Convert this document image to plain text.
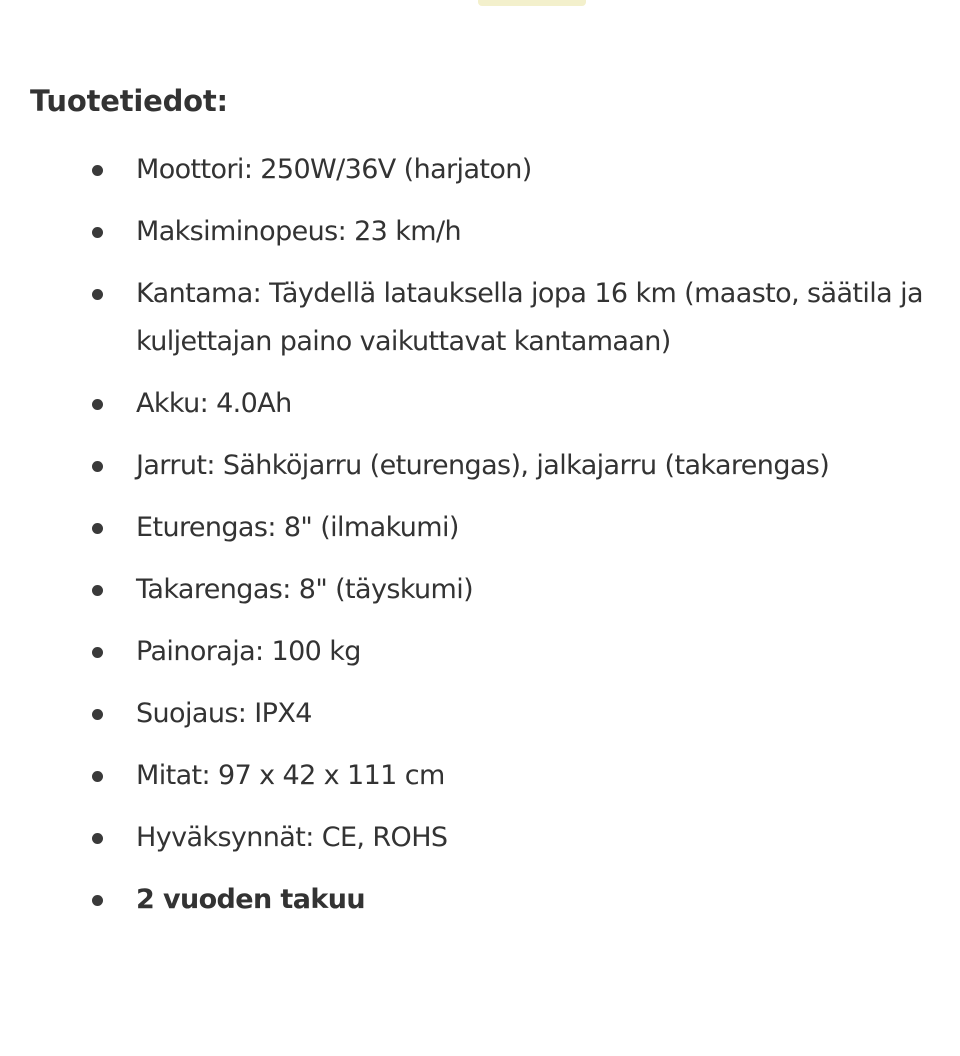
Tuotetiedot:
Moottori: 250W/36V (harjaton)
Maksiminopeus: 23 km/h
Kantama: Täydellä latauksella jopa 16 km (maasto, säätila ja kuljettajan paino vaikuttavat kantamaan)
Akku: 4.0Ah
Jarrut: Sähköjarru (eturengas), jalkajarru (takarengas)
Eturengas: 8" (ilmakumi)
Takarengas: 8" (täyskumi)
Painoraja: 100 kg
Suojaus: IPX4
Mitat: 97 x 42 x 111 cm
Hyväksynnät: CE, ROHS
2 vuoden takuu
